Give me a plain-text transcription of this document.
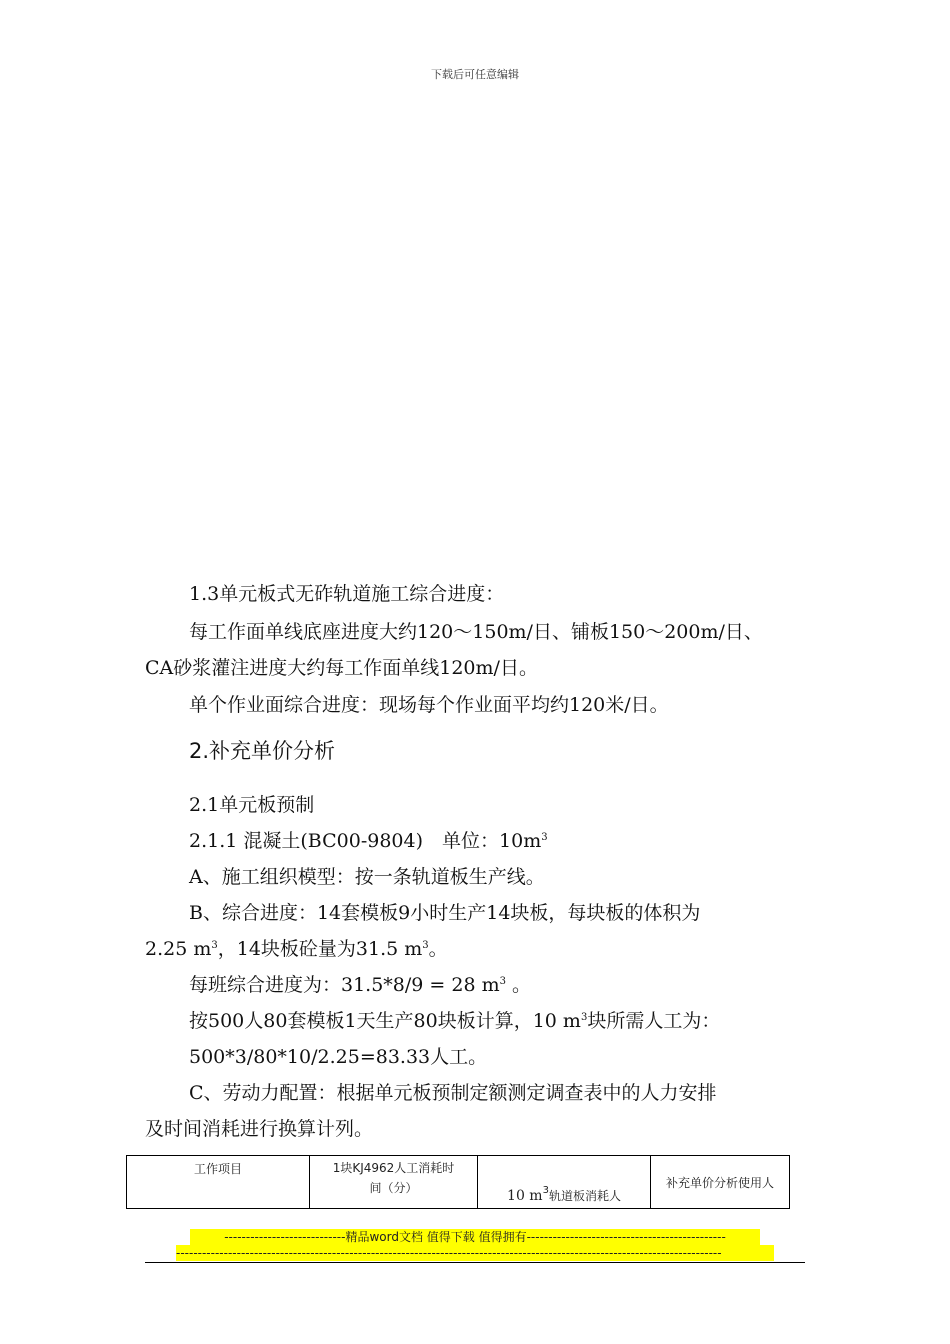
下载后可任意编辑
1.3单元板式无砟轨道施工综合进度：
每工作面单线底座进度大约120～150m/日、铺板150～200m/日、
CA砂浆灌注进度大约每工作面单线120m/日。
单个作业面综合进度：现场每个作业面平均约120米/日。
2.补充单价分析
2.1单元板预制
2.1.1 混凝土(BC00-9804)　单位：$10m^3$
A、施工组织模型：按一条轨道板生产线。
B、综合进度：14套模板9小时生产14块板，每块板的体积为
2.25 $m^3$，14块板砼量为31.5 $m^3$。
每班综合进度为：31.5*8/9 = 28 $m^3$ 。
按500人80套模板1天生产80块板计算，10 $m^3$块所需人工为：
500*3/80*10/2.25=83.33人工。
C、劳动力配置：根据单元板预制定额测定调查表中的人力安排
及时间消耗进行换算计列。
工作项目	1块KJ4962人工消耗时
间（分）	10 $m^3$轨道板消耗人	补充单价分析使用人
----------------------------精品word文档 值得下载 值得拥有----------------------------------------------
------------------------------------------------------------------------------------------------------------------------------
